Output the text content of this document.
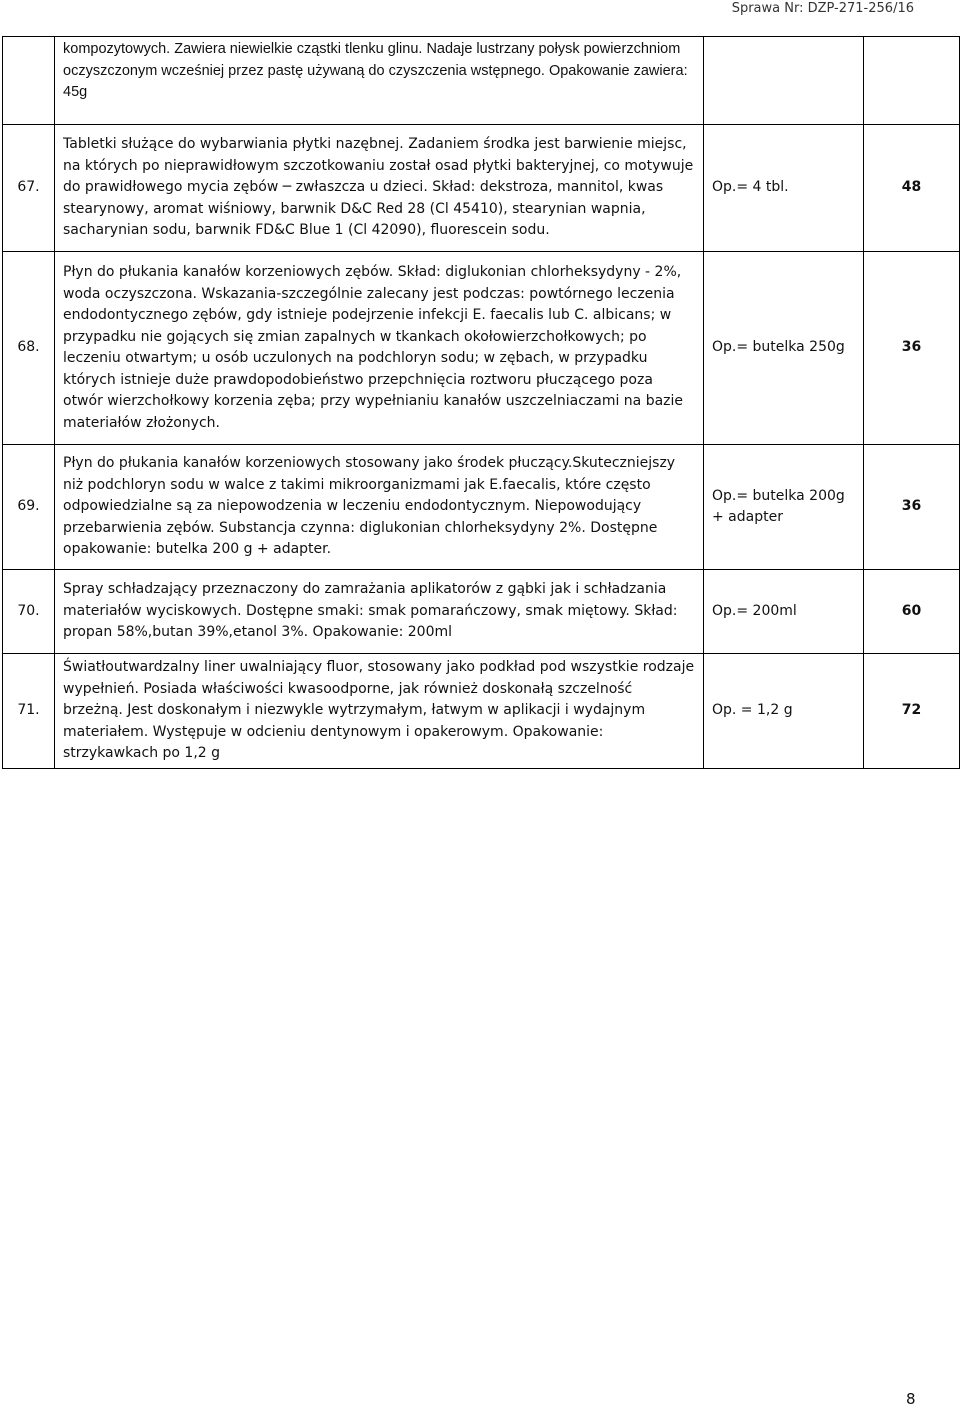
Sprawa Nr: DZP-271-256/16

	kompozytowych. Zawiera niewielkie cząstki tlenku glinu. Nadaje lustrzany połysk powierzchniom oczyszczonym wcześniej przez pastę używaną do czyszczenia wstępnego. Opakowanie zawiera: 45g		

67.	Tabletki służące do wybarwiania płytki nazębnej. Zadaniem środka jest barwienie miejsc, na których po nieprawidłowym szczotkowaniu został osad płytki bakteryjnej, co motywuje do prawidłowego mycia zębów ─ zwłaszcza u dzieci. Skład: dekstroza, mannitol, kwas stearynowy, aromat wiśniowy, barwnik D&C Red 28 (Cl 45410), stearynian wapnia, sacharynian sodu, barwnik FD&C Blue 1 (Cl 42090), fluorescein sodu.	Op.= 4 tbl.	48

68.	Płyn do płukania kanałów korzeniowych zębów. Skład: diglukonian chlorheksydyny - 2%, woda oczyszczona. Wskazania-szczególnie zalecany jest podczas: powtórnego leczenia endodontycznego zębów, gdy istnieje podejrzenie infekcji E. faecalis lub C. albicans; w przypadku nie gojących się zmian zapalnych w tkankach okołowierzchołkowych; po leczeniu otwartym; u osób uczulonych na podchloryn sodu; w zębach, w przypadku których istnieje duże prawdopodobieństwo przepchnięcia roztworu płuczącego poza otwór wierzchołkowy korzenia zęba; przy wypełnianiu kanałów uszczelniaczami na bazie materiałów złożonych.	Op.= butelka 250g	36

69.	Płyn do płukania kanałów korzeniowych stosowany jako środek płuczący.Skuteczniejszy niż podchloryn sodu w walce z takimi mikroorganizmami jak E.faecalis, które często odpowiedzialne są za niepowodzenia w leczeniu endodontycznym. Niepowodujący przebarwienia zębów. Substancja czynna: diglukonian chlorheksydyny 2%. Dostępne opakowanie: butelka 200 g + adapter.	Op.= butelka 200g + adapter	36

70.	Spray schładzający przeznaczony do zamrażania aplikatorów z gąbki jak i schładzania materiałów wyciskowych. Dostępne smaki: smak pomarańczowy, smak miętowy. Skład: propan 58%,butan 39%,etanol 3%. Opakowanie: 200ml	Op.= 200ml	60

71.	Światłoutwardzalny liner uwalniający fluor, stosowany jako podkład pod wszystkie rodzaje wypełnień. Posiada właściwości kwasoodporne, jak również doskonałą szczelność brzeżną. Jest doskonałym i niezwykle wytrzymałym, łatwym w aplikacji i wydajnym materiałem. Występuje w odcieniu dentynowym i opakerowym. Opakowanie: strzykawkach po 1,2 g	Op. = 1,2 g	72
8
